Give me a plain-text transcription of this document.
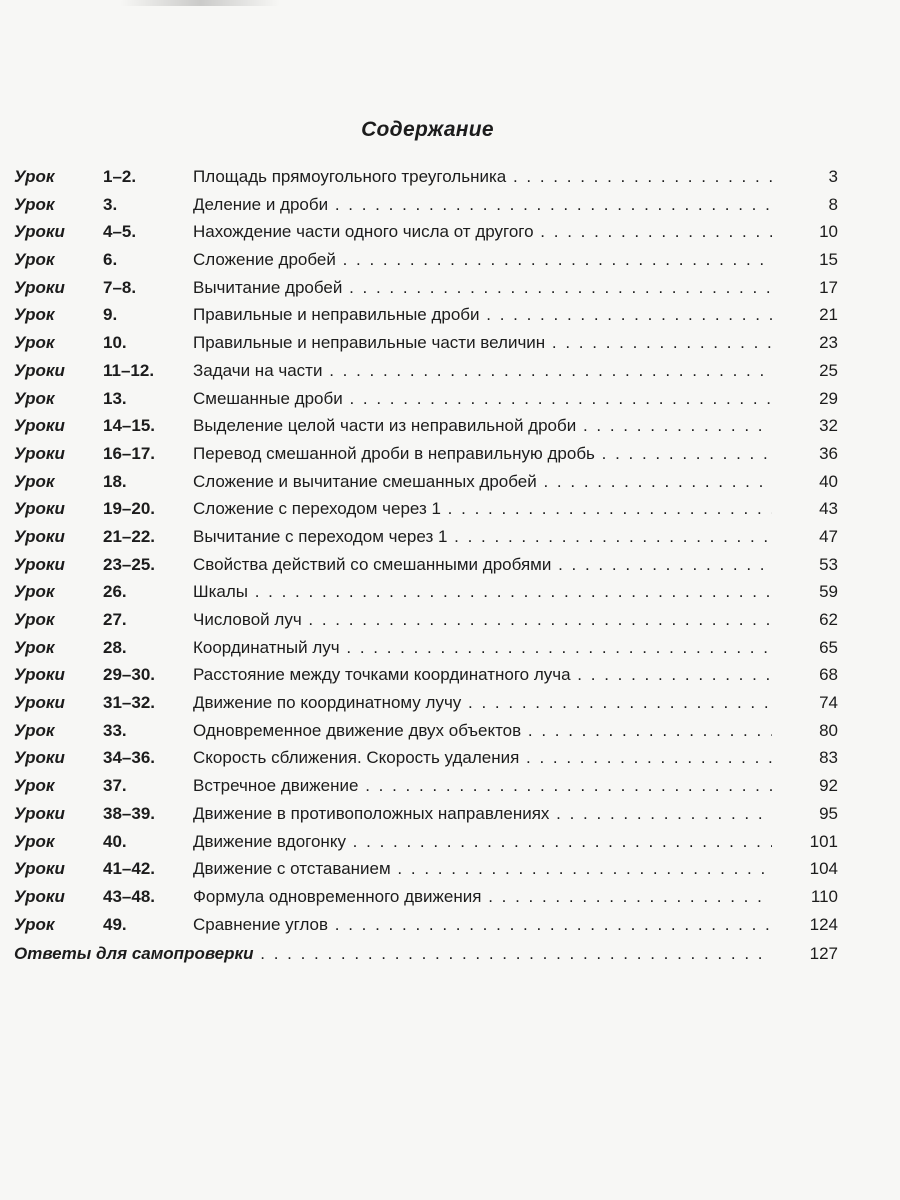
Содержание
Урок	1–2.	Площадь прямоугольного треугольника . . .	3
Урок	3.	Деление и дроби . . .	8
Уроки 4–5.	Нахождение части одного числа от другого . . .	10
Урок	6.	Сложение дробей . . .	15
Уроки 7–8.	Вычитание дробей . . .	17
Урок	9.	Правильные и неправильные дроби . . .	21
Урок	10.	Правильные и неправильные части величин . . .	23
Уроки 11–12. Задачи на части . . .	25
Урок	13.	Смешанные дроби . . .	29
Уроки 14–15. Выделение целой части из неправильной дроби . . .	32
Уроки 16–17. Перевод смешанной дроби в неправильную дробь . . .	36
Урок	18.	Сложение и вычитание смешанных дробей . . .	40
Уроки 19–20. Сложение с переходом через 1 . . .	43
Уроки 21–22. Вычитание с переходом через 1 . . .	47
Уроки 23–25. Свойства действий со смешанными дробями . . .	53
Урок	26.	Шкалы . . .	59
Урок	27.	Числовой луч . . .	62
Урок	28.	Координатный луч . . .	65
Уроки 29–30. Расстояние между точками координатного луча . . .	68
Уроки 31–32. Движение по координатному лучу . . .	74
Урок	33.	Одновременное движение двух объектов . . .	80
Уроки 34–36. Скорость сближения. Скорость удаления . . .	83
Урок	37.	Встречное движение . . .	92
Уроки 38–39. Движение в противоположных направлениях . . .	95
Урок	40.	Движение вдогонку . . .	101
Уроки 41–42. Движение с отставанием . . .	104
Уроки 43–48. Формула одновременного движения . . .	110
Урок	49.	Сравнение углов . . .	124
Ответы для самопроверки . . .	127
